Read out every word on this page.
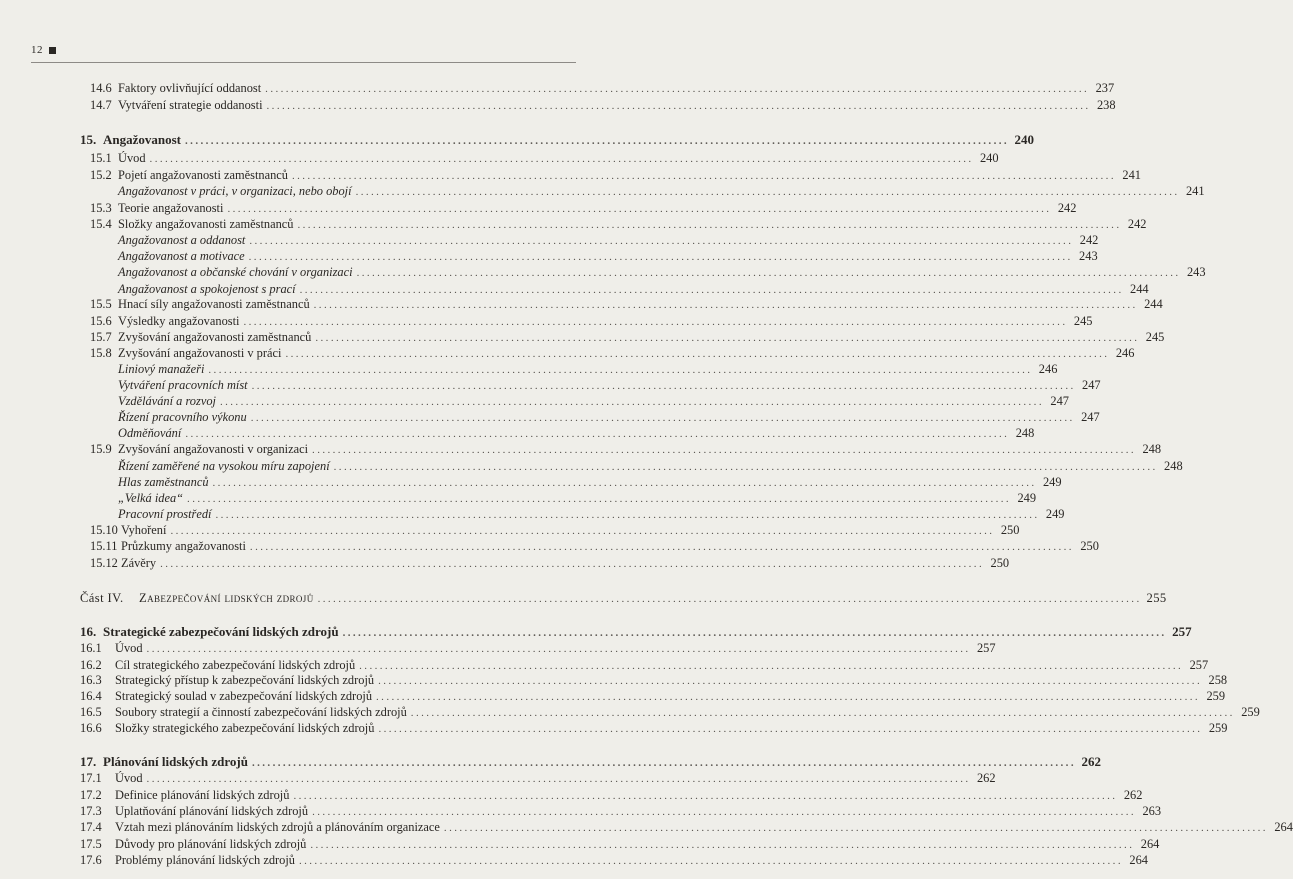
12
14.6 Faktory ovlivňující oddanost ................................................................................................................................................................ 237
14.7 Vytváření strategie oddanosti ................................................................................................................................................................ 238
15. Angažovanost ................................................................................................................................................................ 240
15.1 Úvod ................................................................................................................................................................ 240
15.2 Pojetí angažovanosti zaměstnanců ................................................................................................................................................................ 241
Angažovanost v práci, v organizaci, nebo obojí ................................................................................................................................................................ 241
15.3 Teorie angažovanosti ................................................................................................................................................................ 242
15.4 Složky angažovanosti zaměstnanců ................................................................................................................................................................ 242
Angažovanost a oddanost ................................................................................................................................................................ 242
Angažovanost a motivace ................................................................................................................................................................ 243
Angažovanost a občanské chování v organizaci ................................................................................................................................................................ 243
Angažovanost a spokojenost s prací ................................................................................................................................................................ 244
15.5 Hnací síly angažovanosti zaměstnanců ................................................................................................................................................................ 244
15.6 Výsledky angažovanosti ................................................................................................................................................................ 245
15.7 Zvyšování angažovanosti zaměstnanců ................................................................................................................................................................ 245
15.8 Zvyšování angažovanosti v práci ................................................................................................................................................................ 246
Liniový manažeři ................................................................................................................................................................ 246
Vytváření pracovních míst ................................................................................................................................................................ 247
Vzdělávání a rozvoj ................................................................................................................................................................ 247
Řízení pracovního výkonu ................................................................................................................................................................ 247
Odměňování ................................................................................................................................................................ 248
15.9 Zvyšování angažovanosti v organizaci ................................................................................................................................................................ 248
Řízení zaměřené na vysokou míru zapojení ................................................................................................................................................................ 248
Hlas zaměstnanců ................................................................................................................................................................ 249
„Velká idea“ ................................................................................................................................................................ 249
Pracovní prostředí ................................................................................................................................................................ 249
15.10 Vyhoření ................................................................................................................................................................ 250
15.11 Průzkumy angažovanosti ................................................................................................................................................................ 250
15.12 Závěry ................................................................................................................................................................ 250
Část IV.	Zabezpečování lidských zdrojů ................................................................................................................................................................ 255
16. Strategické zabezpečování lidských zdrojů ................................................................................................................................................................ 257
16.1	Úvod ................................................................................................................................................................ 257
16.2	Cíl strategického zabezpečování lidských zdrojů ................................................................................................................................................................ 257
16.3	Strategický přístup k zabezpečování lidských zdrojů ................................................................................................................................................................ 258
16.4	Strategický soulad v zabezpečování lidských zdrojů ................................................................................................................................................................ 259
16.5	Soubory strategií a činností zabezpečování lidských zdrojů ................................................................................................................................................................ 259
16.6	Složky strategického zabezpečování lidských zdrojů ................................................................................................................................................................ 259
17. Plánování lidských zdrojů ................................................................................................................................................................ 262
17.1	Úvod ................................................................................................................................................................ 262
17.2	Definice plánování lidských zdrojů ................................................................................................................................................................ 262
17.3	Uplatňování plánování lidských zdrojů ................................................................................................................................................................ 263
17.4	Vztah mezi plánováním lidských zdrojů a plánováním organizace ................................................................................................................................................................ 264
17.5	Důvody pro plánování lidských zdrojů ................................................................................................................................................................ 264
17.6	Problémy plánování lidských zdrojů ................................................................................................................................................................ 264
